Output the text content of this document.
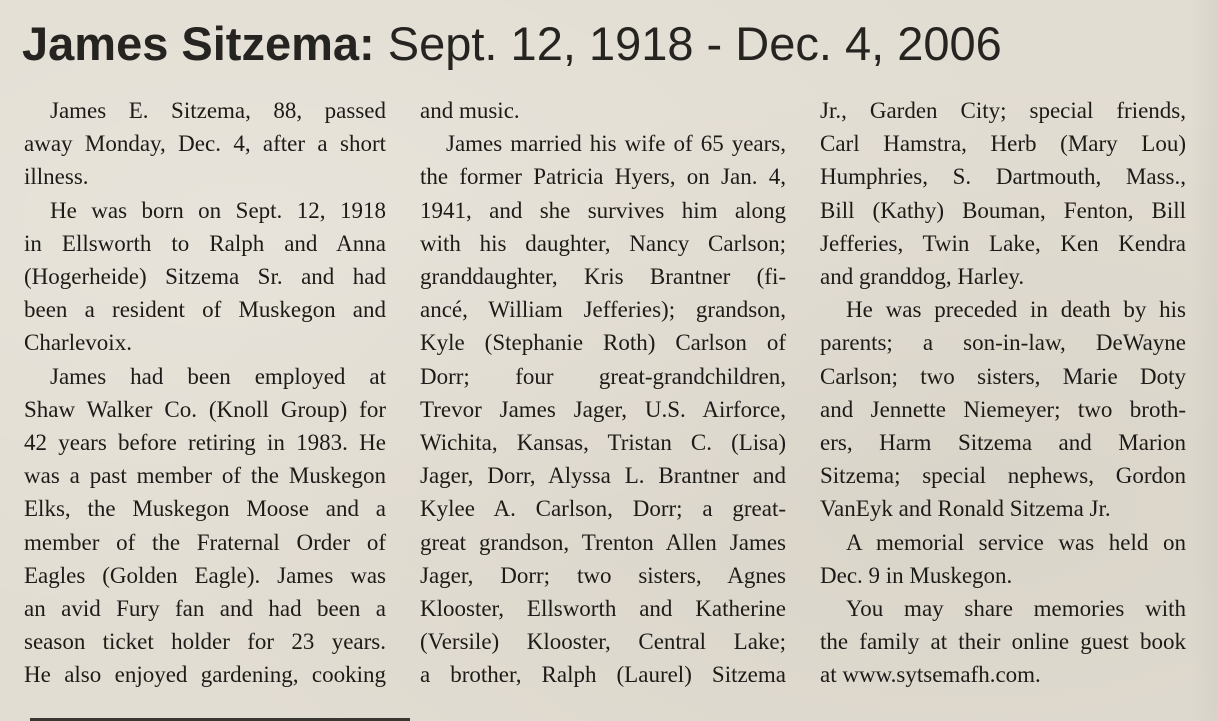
James Sitzema: Sept. 12, 1918 - Dec. 4, 2006
James E. Sitzema, 88, passed
away Monday, Dec. 4, after a short
illness.
He was born on Sept. 12, 1918
in Ellsworth to Ralph and Anna
(Hogerheide) Sitzema Sr. and had
been a resident of Muskegon and
Charlevoix.
James had been employed at
Shaw Walker Co. (Knoll Group) for
42 years before retiring in 1983. He
was a past member of the Muskegon
Elks, the Muskegon Moose and a
member of the Fraternal Order of
Eagles (Golden Eagle). James was
an avid Fury fan and had been a
season ticket holder for 23 years.
He also enjoyed gardening, cooking
and music.
James married his wife of 65 years,
the former Patricia Hyers, on Jan. 4,
1941, and she survives him along
with his daughter, Nancy Carlson;
granddaughter, Kris Brantner (fi-
ancé, William Jefferies); grandson,
Kyle (Stephanie Roth) Carlson of
Dorr; four great-grandchildren,
Trevor James Jager, U.S. Airforce,
Wichita, Kansas, Tristan C. (Lisa)
Jager, Dorr, Alyssa L. Brantner and
Kylee A. Carlson, Dorr; a great-
great grandson, Trenton Allen James
Jager, Dorr; two sisters, Agnes
Klooster, Ellsworth and Katherine
(Versile) Klooster, Central Lake;
a brother, Ralph (Laurel) Sitzema
Jr., Garden City; special friends,
Carl Hamstra, Herb (Mary Lou)
Humphries, S. Dartmouth, Mass.,
Bill (Kathy) Bouman, Fenton, Bill
Jefferies, Twin Lake, Ken Kendra
and granddog, Harley.
He was preceded in death by his
parents; a son-in-law, DeWayne
Carlson; two sisters, Marie Doty
and Jennette Niemeyer; two broth-
ers, Harm Sitzema and Marion
Sitzema; special nephews, Gordon
VanEyk and Ronald Sitzema Jr.
A memorial service was held on
Dec. 9 in Muskegon.
You may share memories with
the family at their online guest book
at www.sytsemafh.com.
